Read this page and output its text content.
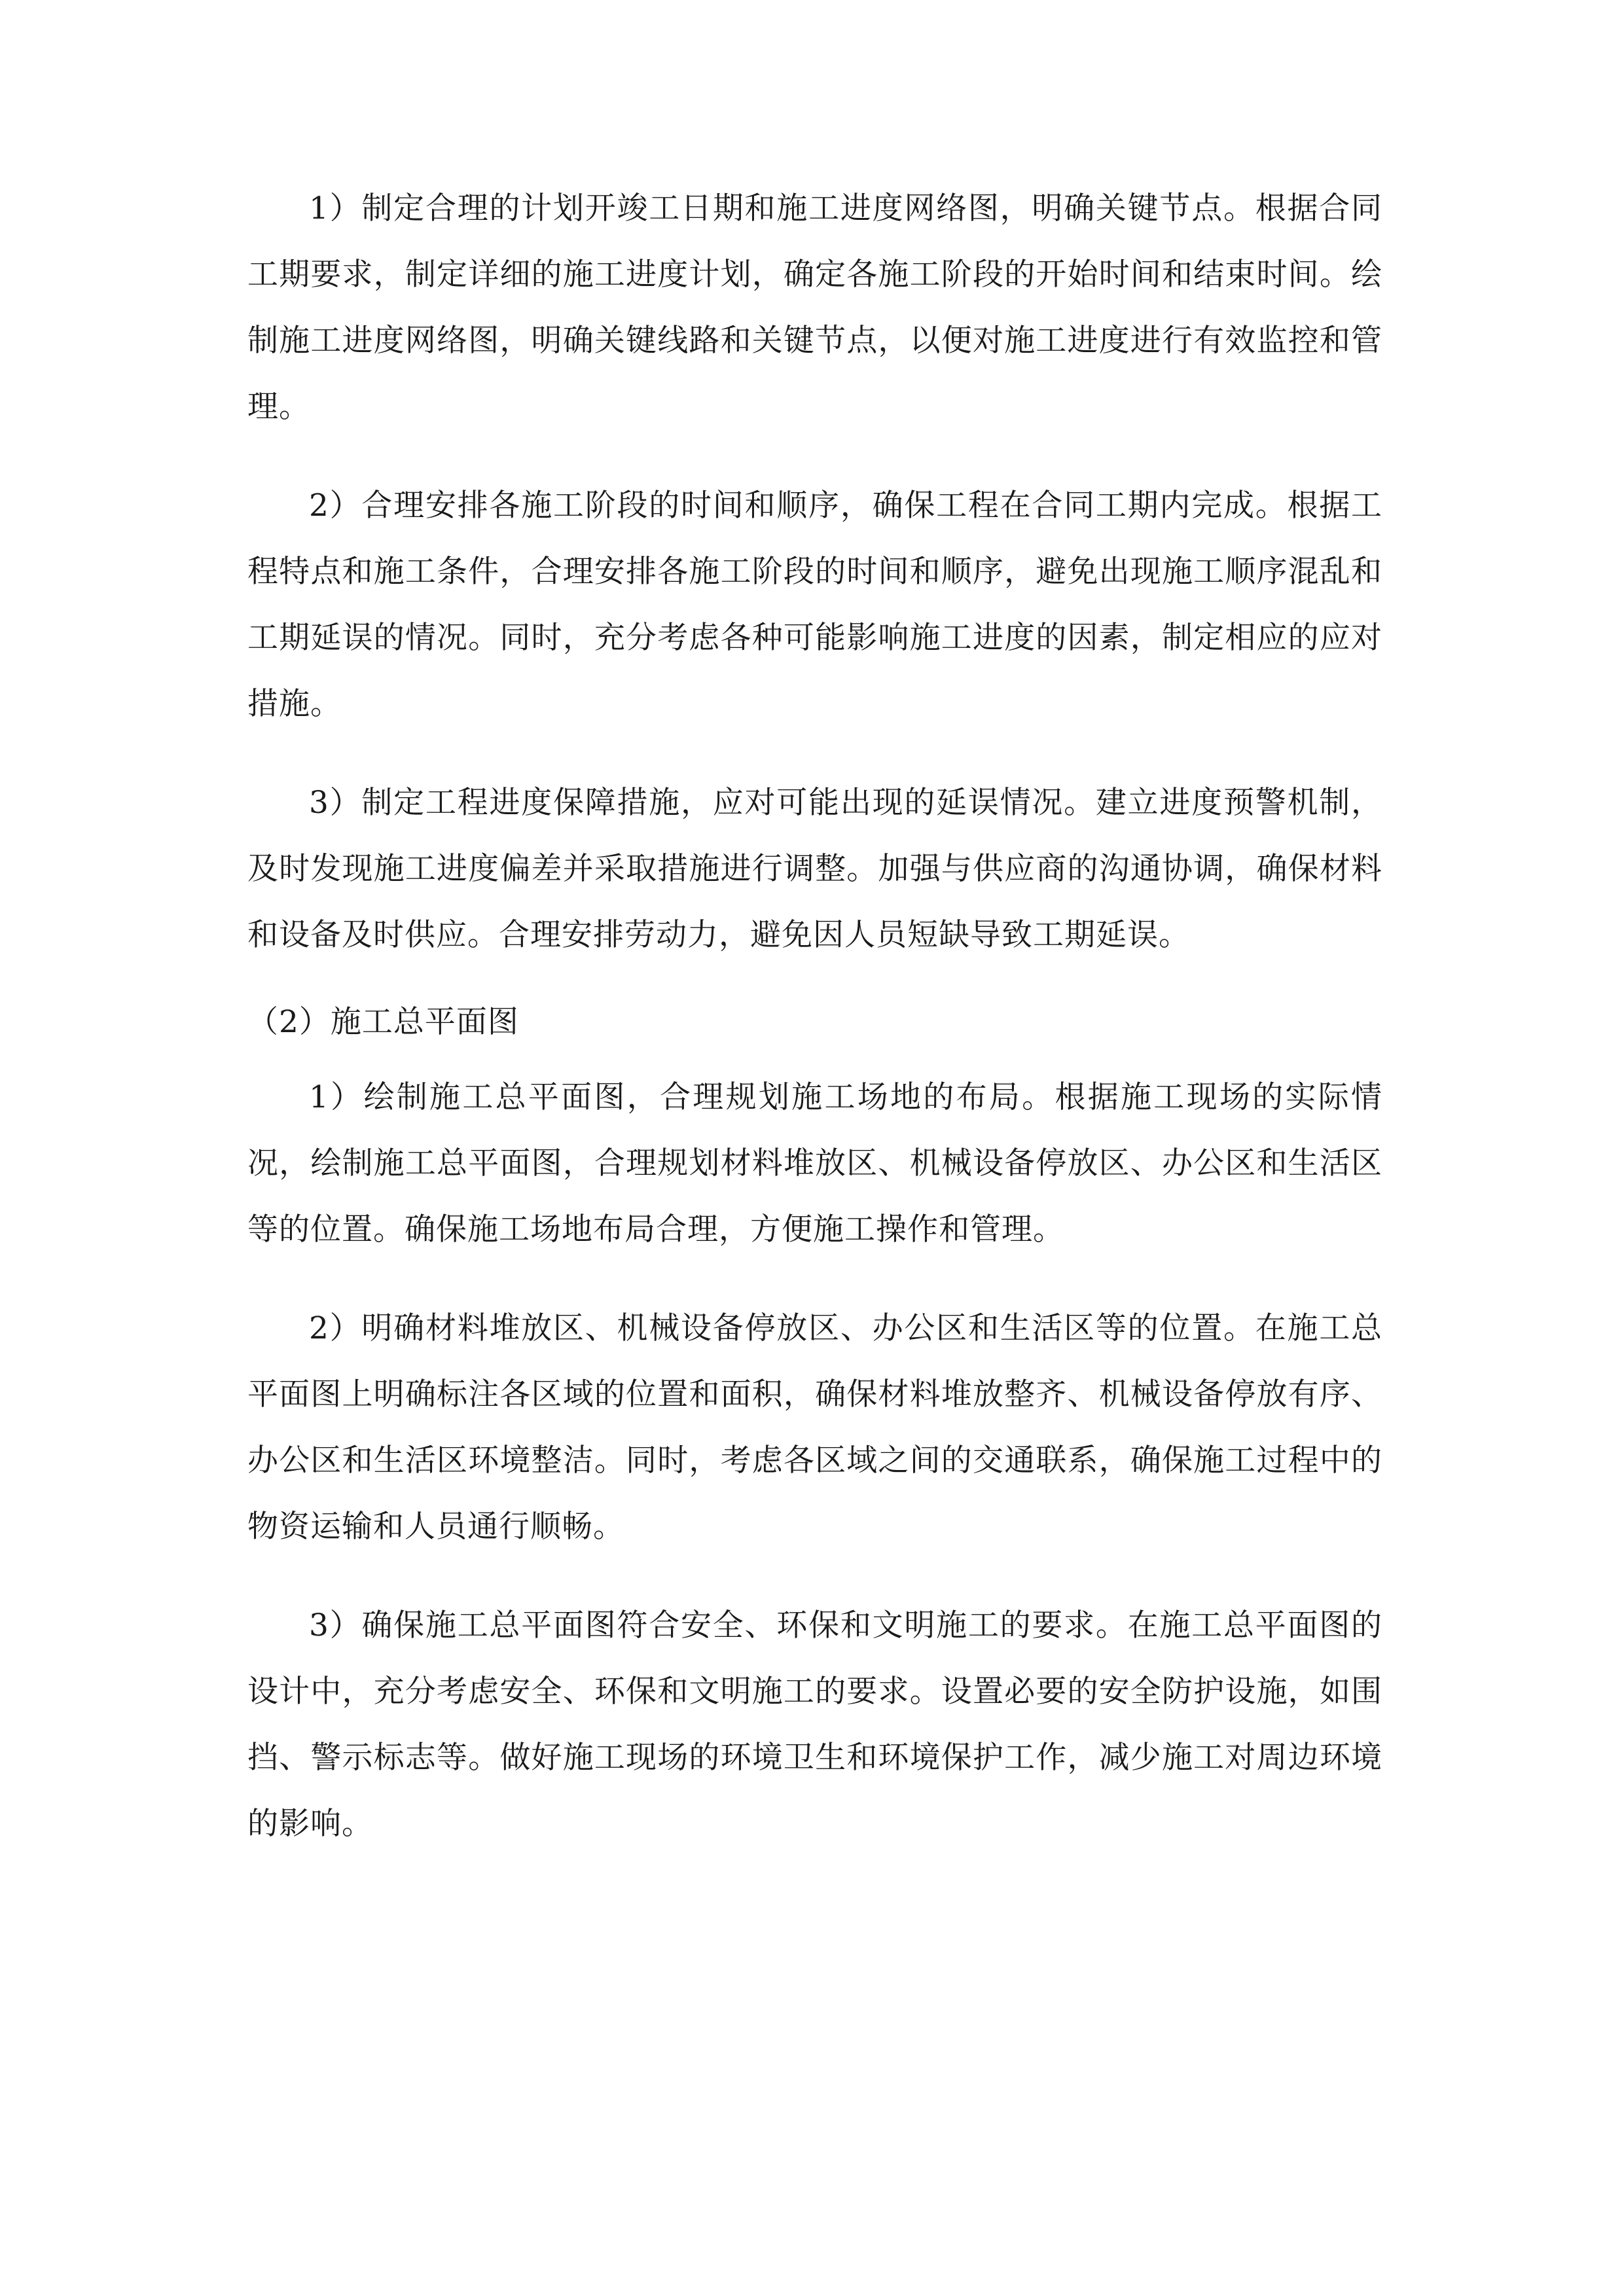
1）制定合理的计划开竣工日期和施工进度网络图，明确关键节点。根据合同工期要求，制定详细的施工进度计划，确定各施工阶段的开始时间和结束时间。绘制施工进度网络图，明确关键线路和关键节点，以便对施工进度进行有效监控和管理。

2）合理安排各施工阶段的时间和顺序，确保工程在合同工期内完成。根据工程特点和施工条件，合理安排各施工阶段的时间和顺序，避免出现施工顺序混乱和工期延误的情况。同时，充分考虑各种可能影响施工进度的因素，制定相应的应对措施。

3）制定工程进度保障措施，应对可能出现的延误情况。建立进度预警机制，及时发现施工进度偏差并采取措施进行调整。加强与供应商的沟通协调，确保材料和设备及时供应。合理安排劳动力，避免因人员短缺导致工期延误。

（2）施工总平面图

1）绘制施工总平面图，合理规划施工场地的布局。根据施工现场的实际情况，绘制施工总平面图，合理规划材料堆放区、机械设备停放区、办公区和生活区等的位置。确保施工场地布局合理，方便施工操作和管理。

2）明确材料堆放区、机械设备停放区、办公区和生活区等的位置。在施工总平面图上明确标注各区域的位置和面积，确保材料堆放整齐、机械设备停放有序、办公区和生活区环境整洁。同时，考虑各区域之间的交通联系，确保施工过程中的物资运输和人员通行顺畅。

3）确保施工总平面图符合安全、环保和文明施工的要求。在施工总平面图的设计中，充分考虑安全、环保和文明施工的要求。设置必要的安全防护设施，如围挡、警示标志等。做好施工现场的环境卫生和环境保护工作，减少施工对周边环境的影响。
